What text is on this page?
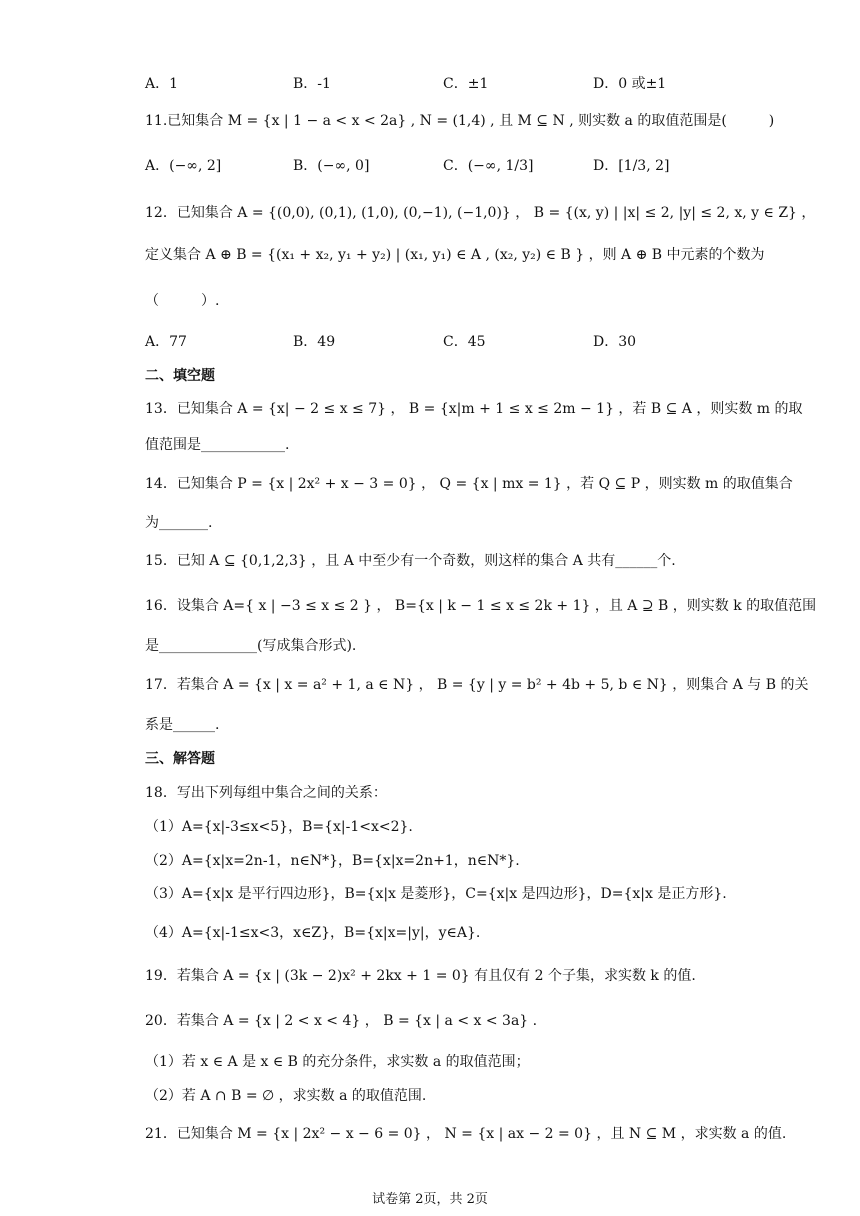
A．1	B．-1	C．±1	D．0 或±1
11.已知集合 M = {x | 1 − a < x < 2a} , N = (1,4) , 且 M ⊆ N , 则实数 a 的取值范围是(　　　)
A．(−∞, 2]	B．(−∞, 0]	C．(−∞, 1/3]	D．[1/3, 2]
12．已知集合 A = {(0,0), (0,1), (1,0), (0,−1), (−1,0)} ， B = {(x, y) | |x| ≤ 2, |y| ≤ 2, x, y ∈ Z} ，
定义集合 A ⊕ B = {(x₁ + x₂, y₁ + y₂) | (x₁, y₁) ∈ A , (x₂, y₂) ∈ B } ，则 A ⊕ B 中元素的个数为
（　　　）.
A．77	B．49	C．45	D．30
二、填空题
13．已知集合 A = {x| − 2 ≤ x ≤ 7} ， B = {x|m + 1 ≤ x ≤ 2m − 1} ，若 B ⊆ A ，则实数 m 的取
值范围是____________.
14．已知集合 P = {x | 2x² + x − 3 = 0} ， Q = {x | mx = 1} ，若 Q ⊆ P ，则实数 m 的取值集合
为_______.
15．已知 A ⊆ {0,1,2,3} ，且 A 中至少有一个奇数，则这样的集合 A 共有______个.
16．设集合 A={ x | −3 ≤ x ≤ 2 } ， B={x | k − 1 ≤ x ≤ 2k + 1} ，且 A ⊇ B ，则实数 k 的取值范围
是______________(写成集合形式).
17．若集合 A = {x | x = a² + 1, a ∈ N} ， B = {y | y = b² + 4b + 5, b ∈ N} ，则集合 A 与 B 的关
系是______.
三、解答题
18．写出下列每组中集合之间的关系：
（1）A={x|-3≤x<5}，B={x|-1<x<2}.
（2）A={x|x=2n-1，n∈N*}，B={x|x=2n+1，n∈N*}.
（3）A={x|x 是平行四边形}，B={x|x 是菱形}，C={x|x 是四边形}，D={x|x 是正方形}.
（4）A={x|-1≤x<3，x∈Z}，B={x|x=|y|，y∈A}.
19．若集合 A = {x | (3k − 2)x² + 2kx + 1 = 0} 有且仅有 2 个子集，求实数 k 的值.
20．若集合 A = {x | 2 < x < 4} ， B = {x | a < x < 3a} .
（1）若 x ∈ A 是 x ∈ B 的充分条件，求实数 a 的取值范围；
（2）若 A ∩ B = ∅ ，求实数 a 的取值范围.
21．已知集合 M = {x | 2x² − x − 6 = 0} ， N = {x | ax − 2 = 0} ，且 N ⊆ M ，求实数 a 的值.
试卷第 2页，共 2页
